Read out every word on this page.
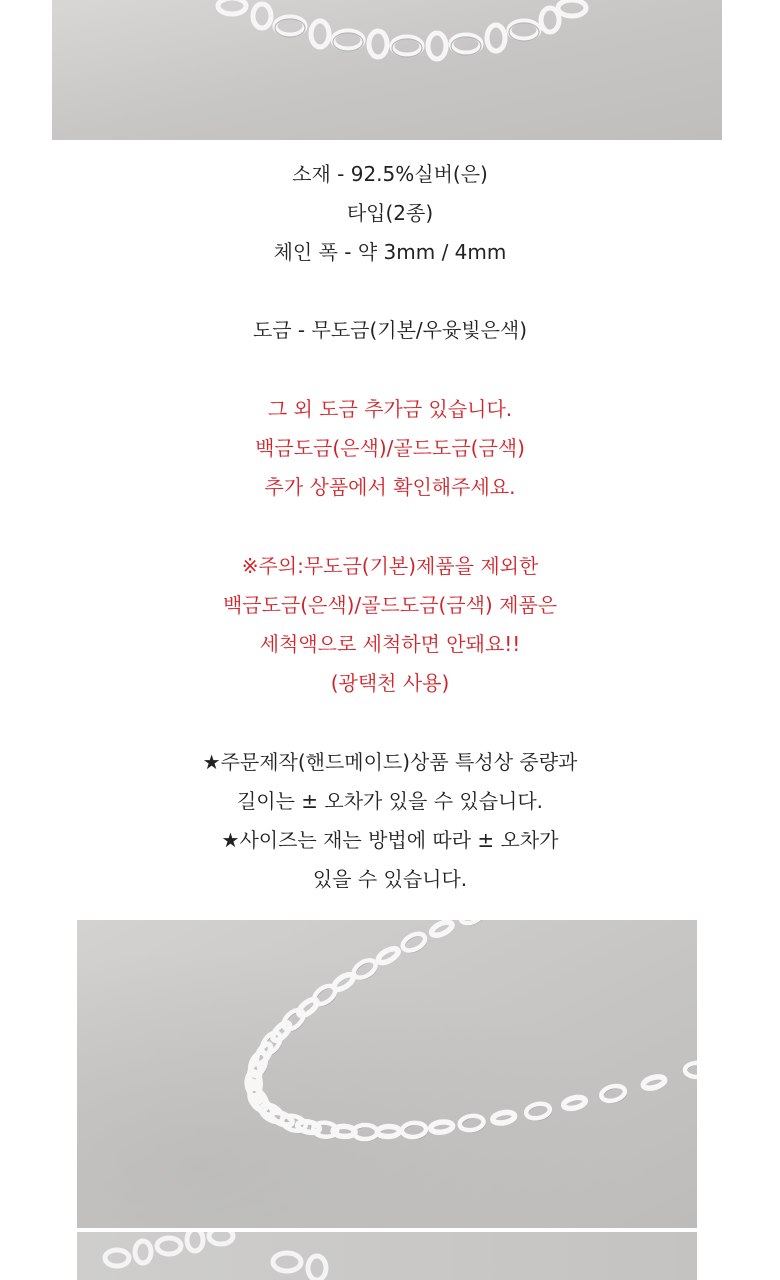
소재 - 92.5%실버(은)
타입(2종)
체인 폭 - 약 3mm / 4mm
도금 - 무도금(기본/우윳빛은색)
그 외 도금 추가금 있습니다.
백금도금(은색)/골드도금(금색)
추가 상품에서 확인해주세요.
※주의:무도금(기본)제품을 제외한
백금도금(은색)/골드도금(금색) 제품은
세척액으로 세척하면 안돼요!!
(광택천 사용)
★주문제작(핸드메이드)상품 특성상 중량과
길이는 ± 오차가 있을 수 있습니다.
★사이즈는 재는 방법에 따라 ± 오차가
있을 수 있습니다.
